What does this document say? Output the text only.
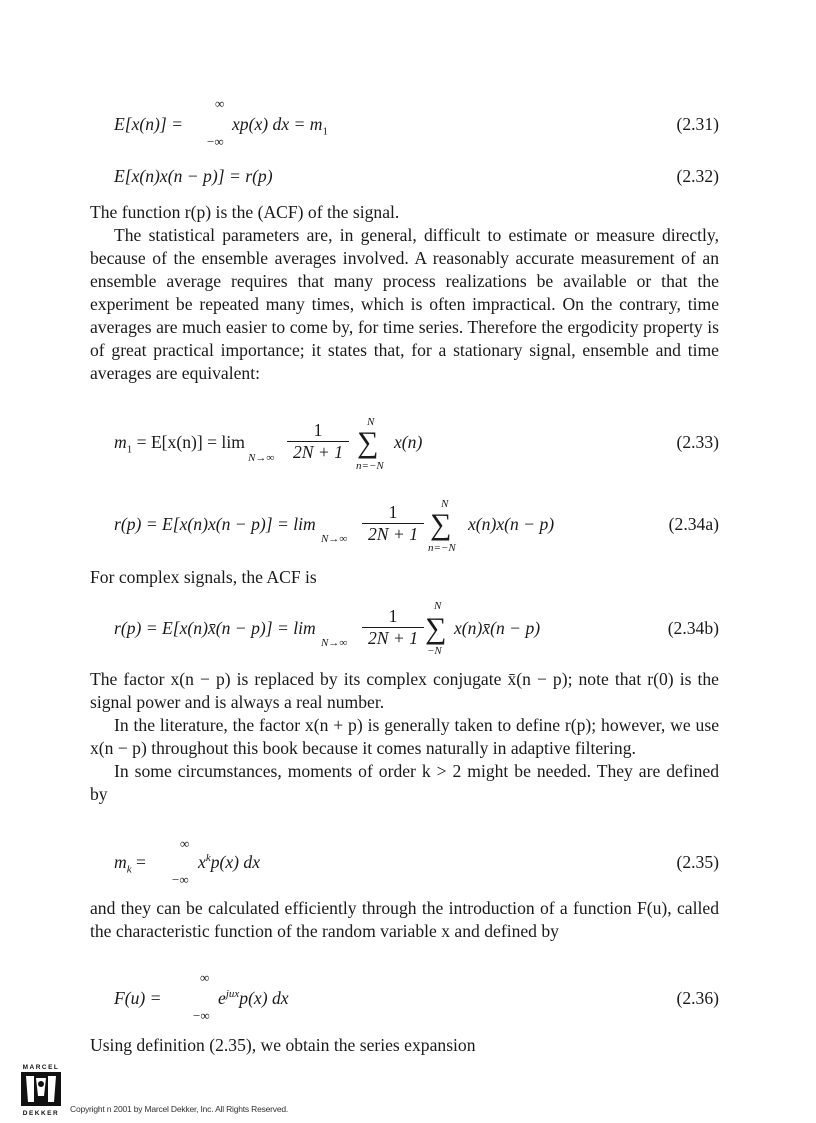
E[x(n)] =
∞
−∞
xp(x) dx = $m_1$	(2.31)
E[x(n)x(n − p)] = r(p)	(2.32)

The function r(p) is the (ACF) of the signal.

The statistical parameters are, in general, difficult to estimate or measure directly, because of the ensemble averages involved. A reasonably accurate measurement of an ensemble average requires that many process realizations be available or that the experiment be repeated many times, which is often impractical. On the contrary, time averages are much easier to come by, for time series. Therefore the ergodicity property is of great practical importance; it states that, for a stationary signal, ensemble and time averages are equivalent:

$m_1 = E[x(n)] = \lim$
N→∞
1
2N + 1
N
∑
n=−N
x(n)	(2.33)
r(p) = E[x(n)x(n − p)] = lim
N→∞
1
2N + 1
N
∑
n=−N
x(n)x(n − p)	(2.34a)

For complex signals, the ACF is

r(p) = E[x(n)x̄(n − p)] = lim
N→∞
1
2N + 1
N
∑
−N
x(n)x̄(n − p)	(2.34b)

The factor x(n − p) is replaced by its complex conjugate x̄(n − p); note that r(0) is the signal power and is always a real number.

In the literature, the factor x(n + p) is generally taken to define r(p); however, we use x(n − p) throughout this book because it comes naturally in adaptive filtering.

In some circumstances, moments of order k > 2 might be needed. They are defined by

$m_k$ =
∞
−∞
$x^kp(x)$ dx	(2.35)

and they can be calculated efficiently through the introduction of a function F(u), called the characteristic function of the random variable x and defined by

F(u) =
∞
−∞
$e^{jux}p(x)$ dx	(2.36)

Using definition (2.35), we obtain the series expansion

MARCEL
DEKKER Copyright n 2001 by Marcel Dekker, Inc. All Rights Reserved.
